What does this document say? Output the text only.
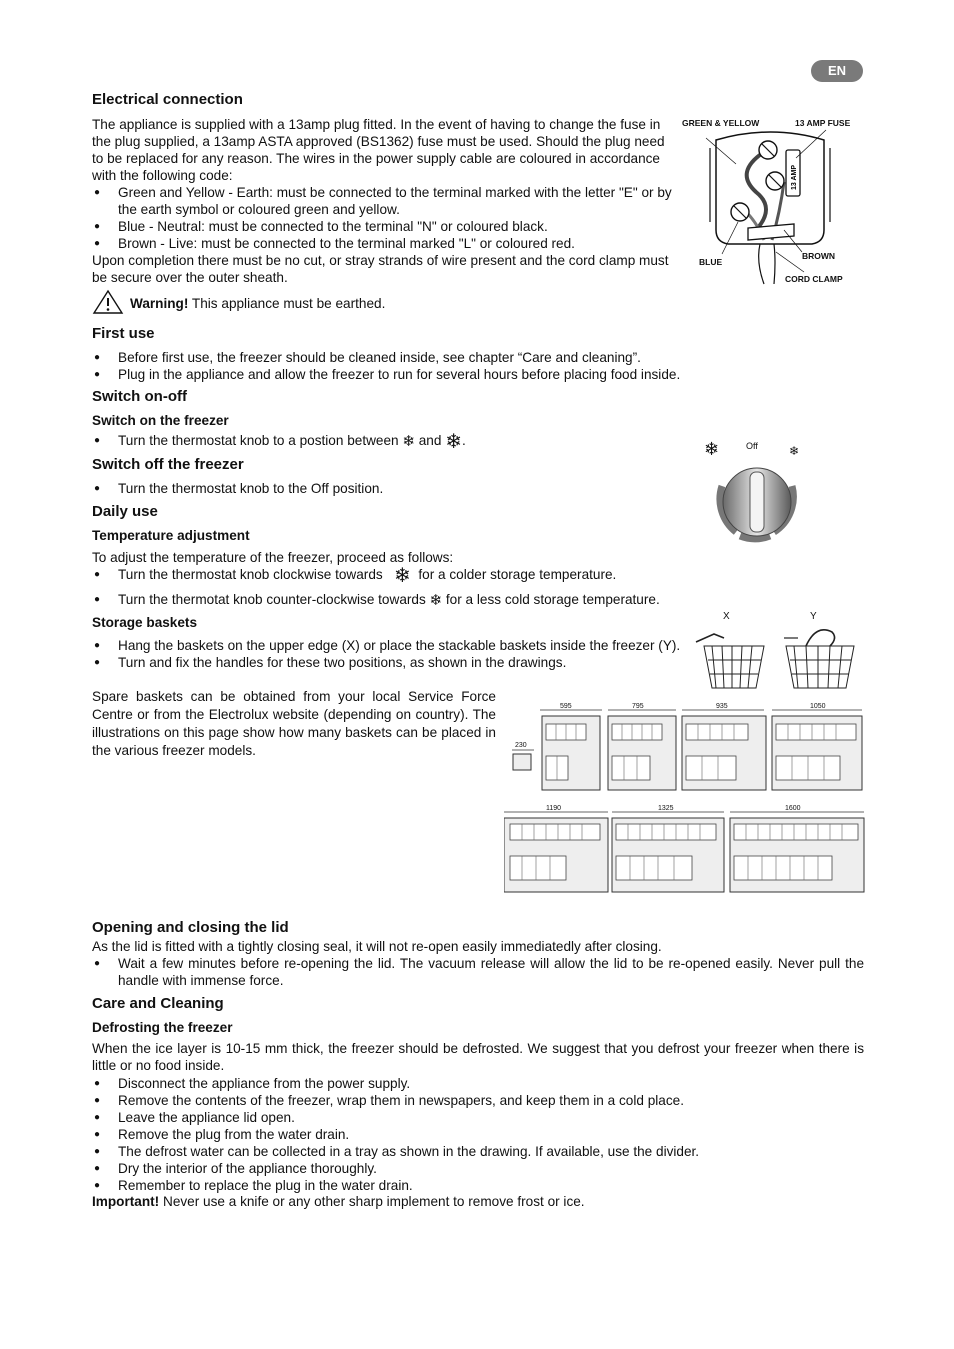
EN
Electrical connection

The appliance is supplied with a 13amp plug fitted. In the event of having to change the fuse in the plug supplied, a 13amp ASTA approved (BS1362) fuse must be used. Should the plug need to be replaced for any reason. The wires in the power supply cable are coloured in accordance with the following code:

● Green and Yellow - Earth: must be connected to the terminal marked with the letter "E" or by the earth symbol or coloured green and yellow.
● Blue - Neutral: must be connected to the terminal "N" or coloured black.
● Brown - Live: must be connected to the terminal marked "L" or coloured red.

Upon completion there must be no cut, or stray strands of wire present and the cord clamp must be secure over the outer sheath.

Warning! This appliance must be earthed.
GREEN & YELLOW	13 AMP FUSE
13 AMP
BLUE
BROWN
CORD CLAMP
First use
● Before first use, the freezer should be cleaned inside, see chapter “Care and cleaning”.
● Plug in the appliance and allow the freezer to run for several hours before placing food inside.
Switch on-off
Switch on the freezer
● Turn the thermostat knob to a postion between ❄ and ❄.
Switch off the freezer
● Turn the thermostat knob to the Off position.
❄	Off	❄
Daily use
Temperature adjustment

To adjust the temperature of the freezer, proceed as follows:

● Turn the thermostat knob clockwise towards ❄ for a colder storage temperature.
● Turn the thermotat knob counter-clockwise towards ❄ for a less cold storage temperature.
Storage baskets
● Hang the baskets on the upper edge (X) or place the stackable baskets inside the freezer (Y).
● Turn and fix the handles for these two positions, as shown in the drawings.

Spare baskets can be obtained from your local Service Force Centre or from the Electrolux website (depending on country). The illustrations on this page show how many baskets can be placed in the various freezer models.

X	Y
230
595	795	935	1050
1190	1325	1600
Opening and closing the lid

As the lid is fitted with a tightly closing seal, it will not re-open easily immediatedly after closing.

● Wait a few minutes before re-opening the lid. The vacuum release will allow the lid to be re-opened easily. Never pull the handle with immense force.
Care and Cleaning
Defrosting the freezer

When the ice layer is 10-15 mm thick, the freezer should be defrosted. We suggest that you defrost your freezer when there is little or no food inside.

● Disconnect the appliance from the power supply.
● Remove the contents of the freezer, wrap them in newspapers, and keep them in a cold place.
● Leave the appliance lid open.
● Remove the plug from the water drain.
● The defrost water can be collected in a tray as shown in the drawing. If available, use the divider.
● Dry the interior of the appliance thoroughly.
● Remember to replace the plug in the water drain.

Important! Never use a knife or any other sharp implement to remove frost or ice.
